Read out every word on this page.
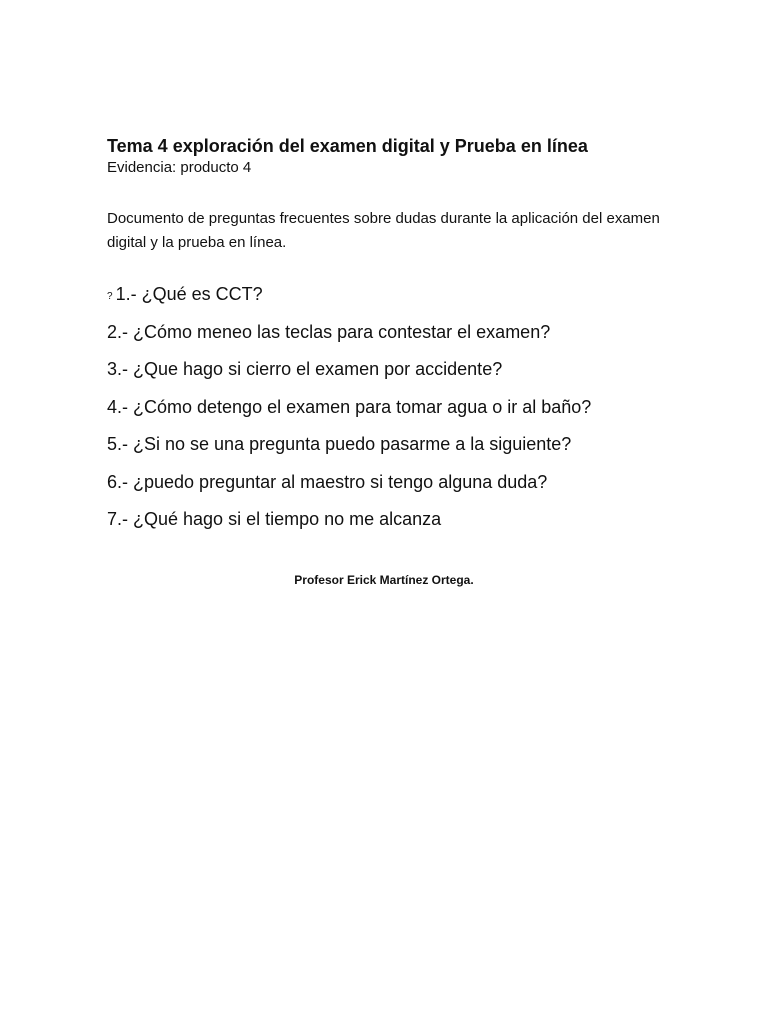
Tema 4 exploración del examen digital y Prueba en línea
Evidencia: producto 4

Documento de preguntas frecuentes sobre dudas durante la aplicación del examen digital y la prueba en línea.

? 1.- ¿Qué es CCT?
2.- ¿Cómo meneo las teclas para contestar el examen?
3.- ¿Que hago si cierro el examen por accidente?
4.- ¿Cómo detengo el examen para tomar agua o ir al baño?
5.- ¿Si no se una pregunta puedo pasarme a la siguiente?
6.- ¿puedo preguntar al maestro si tengo alguna duda?
7.- ¿Qué hago si el tiempo no me alcanza
Profesor Erick Martínez Ortega.
